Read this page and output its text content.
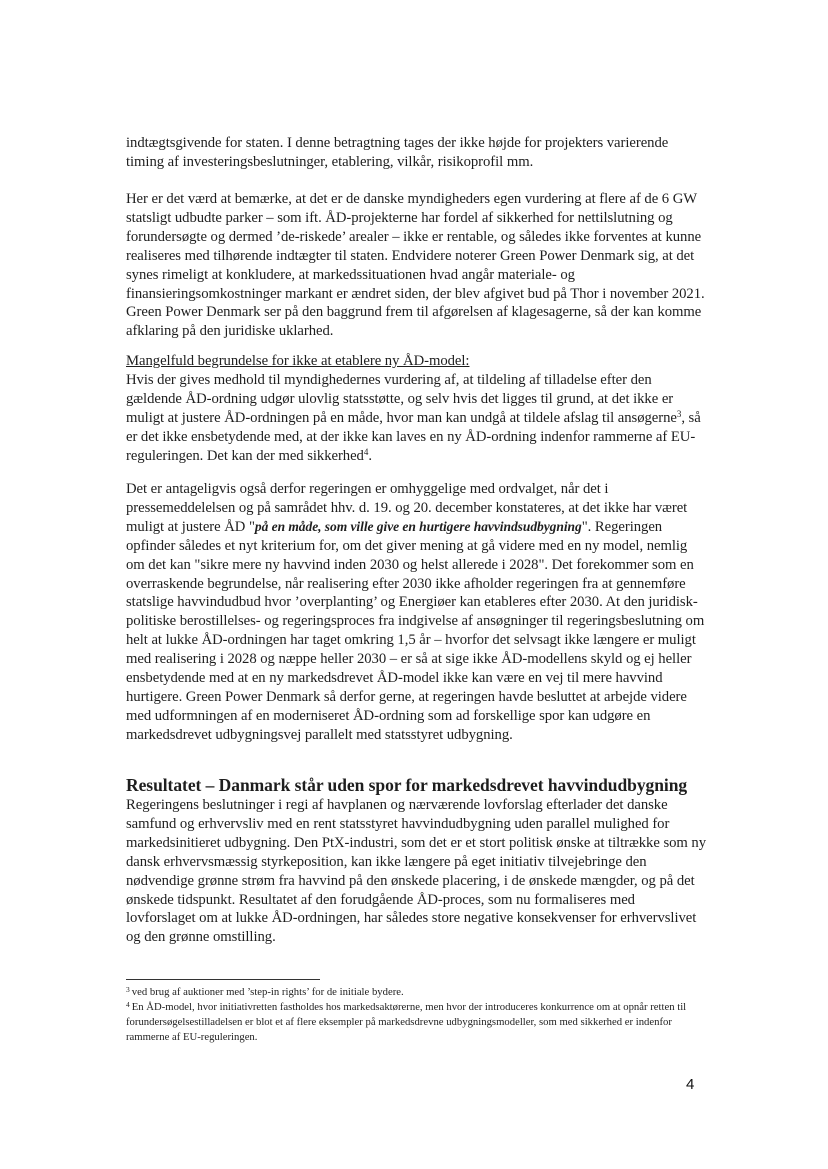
indtægtsgivende for staten. I denne betragtning tages der ikke højde for projekters varierende timing af investeringsbeslutninger, etablering, vilkår, risikoprofil mm.

Her er det værd at bemærke, at det er de danske myndigheders egen vurdering at flere af de 6 GW statsligt udbudte parker – som ift. ÅD-projekterne har fordel af sikkerhed for nettilslutning og forundersøgte og dermed ’de-riskede’ arealer – ikke er rentable, og således ikke forventes at kunne realiseres med tilhørende indtægter til staten. Endvidere noterer Green Power Denmark sig, at det synes rimeligt at konkludere, at markedssituationen hvad angår materiale- og finansieringsomkostninger markant er ændret siden, der blev afgivet bud på Thor i november 2021. Green Power Denmark ser på den baggrund frem til afgørelsen af klagesagerne, så der kan komme afklaring på den juridiske uklarhed.

Mangelfuld begrundelse for ikke at etablere ny ÅD-model:

Hvis der gives medhold til myndighedernes vurdering af, at tildeling af tilladelse efter den gældende ÅD-ordning udgør ulovlig statsstøtte, og selv hvis det ligges til grund, at det ikke er muligt at justere ÅD-ordningen på en måde, hvor man kan undgå at tildele afslag til ansøgerne$^3$, så er det ikke ensbetydende med, at der ikke kan laves en ny ÅD-ordning indenfor rammerne af EU-reguleringen. Det kan der med sikkerhed$^4$.

Det er antageligvis også derfor regeringen er omhyggelige med ordvalget, når det i pressemeddelelsen og på samrådet hhv. d. 19. og 20. december konstateres, at det ikke har været muligt at justere ÅD "på en måde, som ville give en hurtigere havvindsudbygning". Regeringen opfinder således et nyt kriterium for, om det giver mening at gå videre med en ny model, nemlig om det kan "sikre mere ny havvind inden 2030 og helst allerede i 2028". Det forekommer som en overraskende begrundelse, når realisering efter 2030 ikke afholder regeringen fra at gennemføre statslige havvindudbud hvor ’overplanting’ og Energiøer kan etableres efter 2030. At den juridisk-politiske berostillelses- og regeringsproces fra indgivelse af ansøgninger til regeringsbeslutning om helt at lukke ÅD-ordningen har taget omkring 1,5 år – hvorfor det selvsagt ikke længere er muligt med realisering i 2028 og næppe heller 2030 – er så at sige ikke ÅD-modellens skyld og ej heller ensbetydende med at en ny markedsdrevet ÅD-model ikke kan være en vej til mere havvind hurtigere. Green Power Denmark så derfor gerne, at regeringen havde besluttet at arbejde videre med udformningen af en moderniseret ÅD-ordning som ad forskellige spor kan udgøre en markedsdrevet udbygningsvej parallelt med statsstyret udbygning.

Resultatet – Danmark står uden spor for markedsdrevet havvindudbygning

Regeringens beslutninger i regi af havplanen og nærværende lovforslag efterlader det danske samfund og erhvervsliv med en rent statsstyret havvindudbygning uden parallel mulighed for markedsinitieret udbygning. Den PtX-industri, som det er et stort politisk ønske at tiltrække som ny dansk erhvervsmæssig styrkeposition, kan ikke længere på eget initiativ tilvejebringe den nødvendige grønne strøm fra havvind på den ønskede placering, i de ønskede mængder, og på det ønskede tidspunkt. Resultatet af den forudgående ÅD-proces, som nu formaliseres med lovforslaget om at lukke ÅD-ordningen, har således store negative konsekvenser for erhvervslivet og den grønne omstilling.

$^3$ ved brug af auktioner med ’step-in rights’ for de initiale bydere.

$^4$ En ÅD-model, hvor initiativretten fastholdes hos markedsaktørerne, men hvor der introduceres konkurrence om at opnår retten til forundersøgelsestilladelsen er blot et af flere eksempler på markedsdrevne udbygningsmodeller, som med sikkerhed er indenfor rammerne af EU-reguleringen.

4
